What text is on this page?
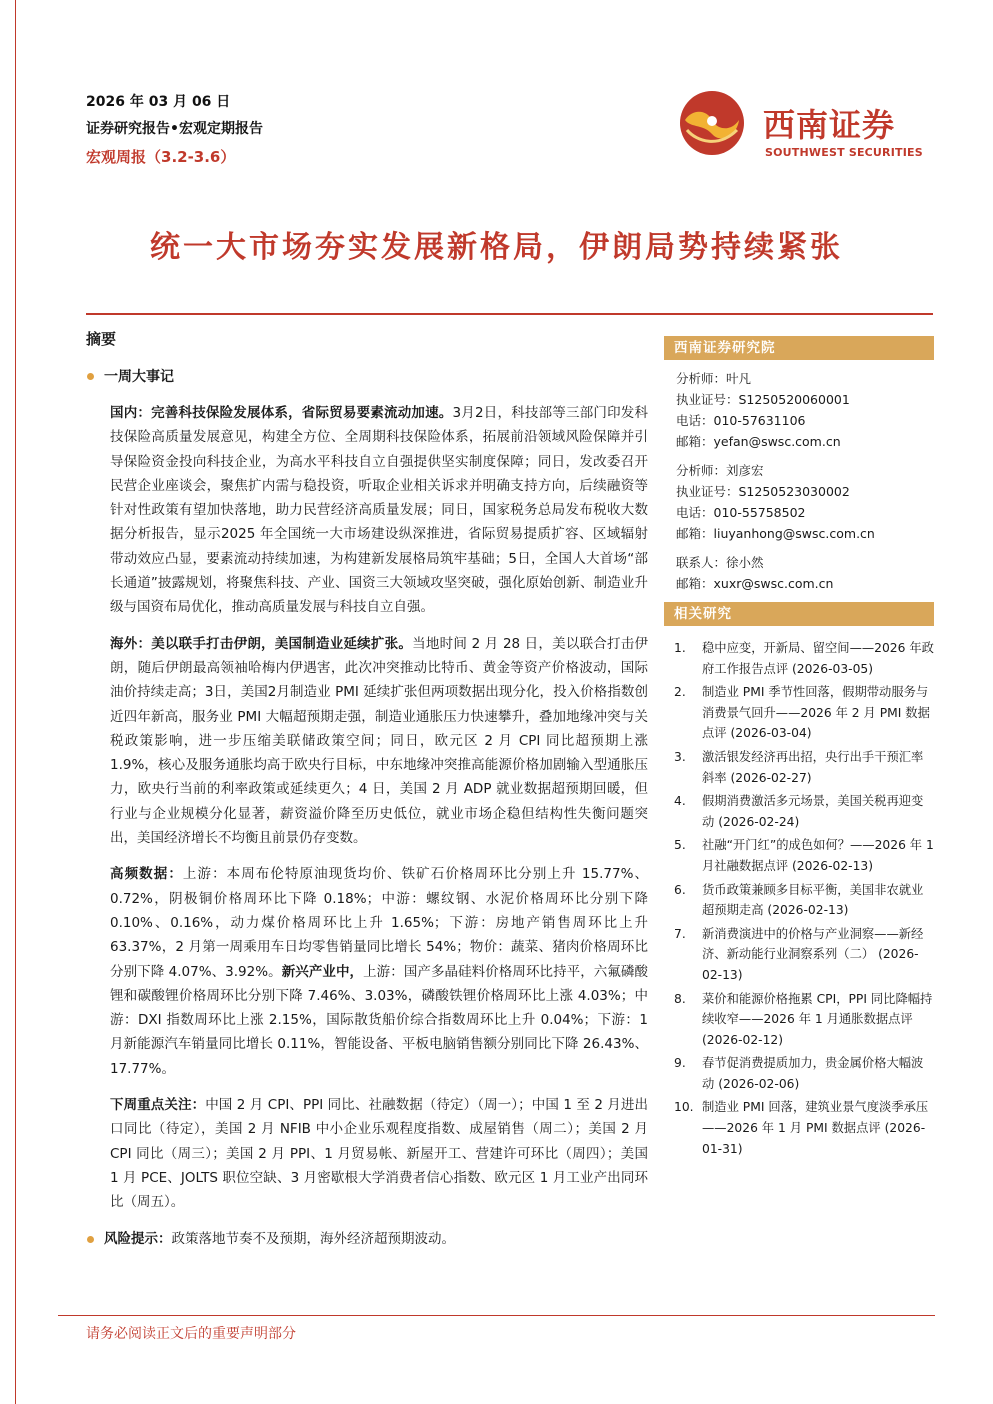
2026 年 03 月 06 日
证券研究报告•宏观定期报告
宏观周报（3.2-3.6）
西南证券
SOUTHWEST SECURITIES
统一大市场夯实发展新格局，伊朗局势持续紧张
摘要
一周大事记
国内：完善科技保险发展体系，省际贸易要素流动加速。3月2日，科技部等三部门印发科技保险高质量发展意见，构建全方位、全周期科技保险体系，拓展前沿领域风险保障并引导保险资金投向科技企业，为高水平科技自立自强提供坚实制度保障；同日，发改委召开民营企业座谈会，聚焦扩内需与稳投资，听取企业相关诉求并明确支持方向，后续融资等针对性政策有望加快落地，助力民营经济高质量发展；同日，国家税务总局发布税收大数据分析报告，显示2025 年全国统一大市场建设纵深推进，省际贸易提质扩容、区域辐射带动效应凸显，要素流动持续加速，为构建新发展格局筑牢基础；5日，全国人大首场“部长通道”披露规划，将聚焦科技、产业、国资三大领域攻坚突破，强化原始创新、制造业升级与国资布局优化，推动高质量发展与科技自立自强。
海外：美以联手打击伊朗，美国制造业延续扩张。当地时间 2 月 28 日，美以联合打击伊朗，随后伊朗最高领袖哈梅内伊遇害，此次冲突推动比特币、黄金等资产价格波动，国际油价持续走高；3日，美国2月制造业 PMI 延续扩张但两项数据出现分化，投入价格指数创近四年新高，服务业 PMI 大幅超预期走强，制造业通胀压力快速攀升，叠加地缘冲突与关税政策影响，进一步压缩美联储政策空间；同日，欧元区 2 月 CPI 同比超预期上涨 1.9%，核心及服务通胀均高于欧央行目标，中东地缘冲突推高能源价格加剧输入型通胀压力，欧央行当前的利率政策或延续更久；4 日，美国 2 月 ADP 就业数据超预期回暖，但行业与企业规模分化显著，薪资溢价降至历史低位，就业市场企稳但结构性失衡问题突出，美国经济增长不均衡且前景仍存变数。
高频数据：上游：本周布伦特原油现货均价、铁矿石价格周环比分别上升 15.77%、0.72%，阴极铜价格周环比下降 0.18%；中游：螺纹钢、水泥价格周环比分别下降 0.10%、0.16%，动力煤价格周环比上升 1.65%；下游：房地产销售周环比上升 63.37%，2 月第一周乘用车日均零售销量同比增长 54%；物价：蔬菜、猪肉价格周环比分别下降 4.07%、3.92%。新兴产业中，上游：国产多晶硅料价格周环比持平，六氟磷酸锂和碳酸锂价格周环比分别下降 7.46%、3.03%，磷酸铁锂价格周环比上涨 4.03%；中游：DXI 指数周环比上涨 2.15%，国际散货船价综合指数周环比上升 0.04%；下游：1 月新能源汽车销量同比增长 0.11%，智能设备、平板电脑销售额分别同比下降 26.43%、17.77%。
下周重点关注：中国 2 月 CPI、PPI 同比、社融数据（待定）（周一）；中国 1 至 2 月进出口同比（待定），美国 2 月 NFIB 中小企业乐观程度指数、成屋销售（周二）；美国 2 月 CPI 同比（周三）；美国 2 月 PPI、1 月贸易帐、新屋开工、营建许可环比（周四）；美国 1 月 PCE、JOLTS 职位空缺、3 月密歇根大学消费者信心指数、欧元区 1 月工业产出同环比（周五）。
风险提示：政策落地节奏不及预期，海外经济超预期波动。
西南证券研究院
分析师：叶凡
执业证号：S1250520060001
电话：010-57631106
邮箱：yefan@swsc.com.cn
分析师：刘彦宏
执业证号：S1250523030002
电话：010-55758502
邮箱：liuyanhong@swsc.com.cn
联系人：徐小然
邮箱：xuxr@swsc.com.cn
相关研究
1.	稳中应变，开新局、留空间——2026 年政府工作报告点评 (2026-03-05)
2.	制造业 PMI 季节性回落，假期带动服务与消费景气回升——2026 年 2 月 PMI 数据点评 (2026-03-04)
3.	激活银发经济再出招，央行出手干预汇率斜率 (2026-02-27)
4.	假期消费激活多元场景，美国关税再迎变动 (2026-02-24)
5.	社融“开门红”的成色如何？——2026 年 1 月社融数据点评 (2026-02-13)
6.	货币政策兼顾多目标平衡，美国非农就业超预期走高 (2026-02-13)
7.	新消费演进中的价格与产业洞察——新经济、新动能行业洞察系列（二） (2026-02-13)
8.	菜价和能源价格拖累 CPI，PPI 同比降幅持续收窄——2026 年 1 月通胀数据点评 (2026-02-12)
9.	春节促消费提质加力，贵金属价格大幅波动 (2026-02-06)
10. 制造业 PMI 回落，建筑业景气度淡季承压——2026 年 1 月 PMI 数据点评 (2026-01-31)
请务必阅读正文后的重要声明部分
